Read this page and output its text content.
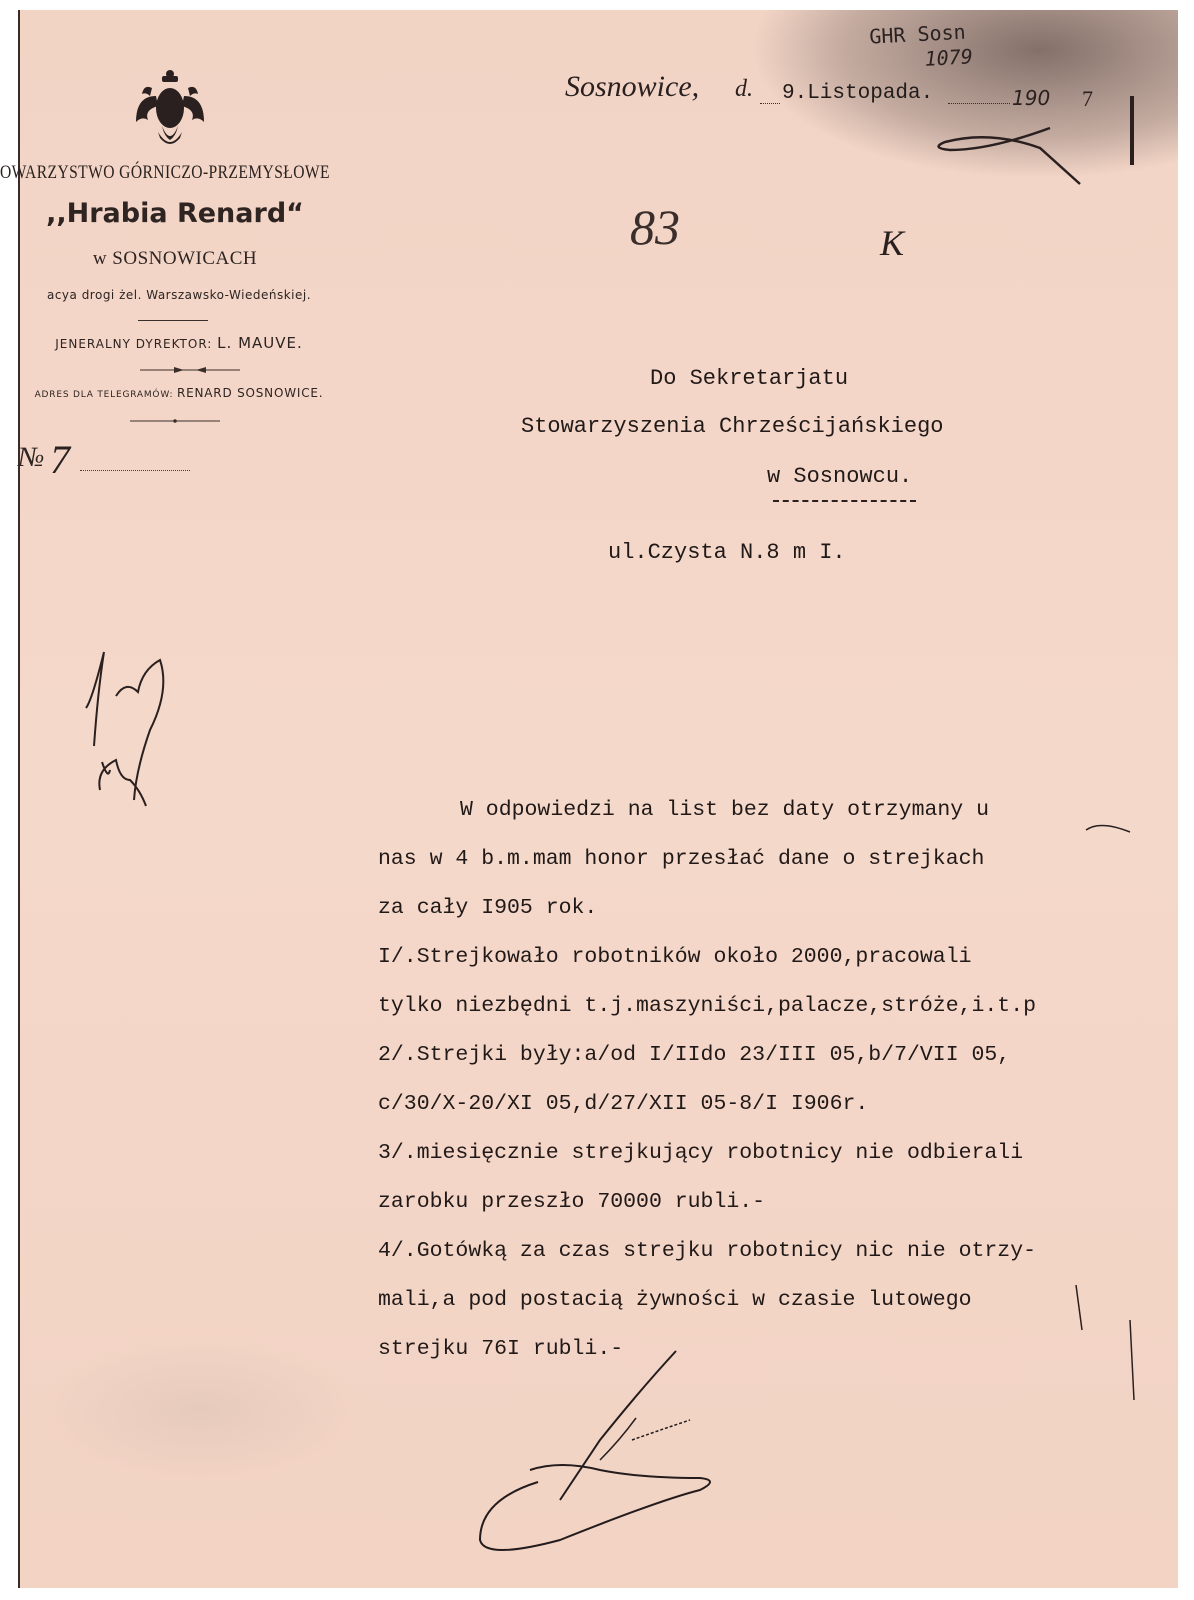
OWARZYSTWO GÓRNICZO-PRZEMYSŁOWE
,,Hrabia Renard“
w SOSNOWICACH
acya drogi żel. Warszawsko-Wiedeńskiej.
JENERALNY DYREKTOR: L. MAUVE.
ADRES DLA TELEGRAMÓW: RENARD SOSNOWICE.
№ 7
GHR Sosn
1079
Sosnowice, d. 9.Listopada.	190 7
83	K
Do Sekretarjatu
Stowarzyszenia Chrześcijańskiego
w Sosnowcu.
ul.Czysta N.8 m I.
W odpowiedzi na list bez daty otrzymany u
nas w 4 b.m.mam honor przesłać dane o strejkach
za cały I905 rok.
I/.Strejkowało robotników około 2000,pracowali
tylko niezbędni t.j.maszyniści,palacze,stróże,i.t.p
2/.Strejki były:a/od I/IIdo 23/III 05,b/7/VII 05,
c/30/X-20/XI 05,d/27/XII 05-8/I I906r.
3/.miesięcznie strejkujący robotnicy nie odbierali
zarobku przeszło 70000 rubli.-
4/.Gotówką za czas strejku robotnicy nic nie otrzy-
mali,a pod postacią żywności w czasie lutowego
strejku 76I rubli.-
